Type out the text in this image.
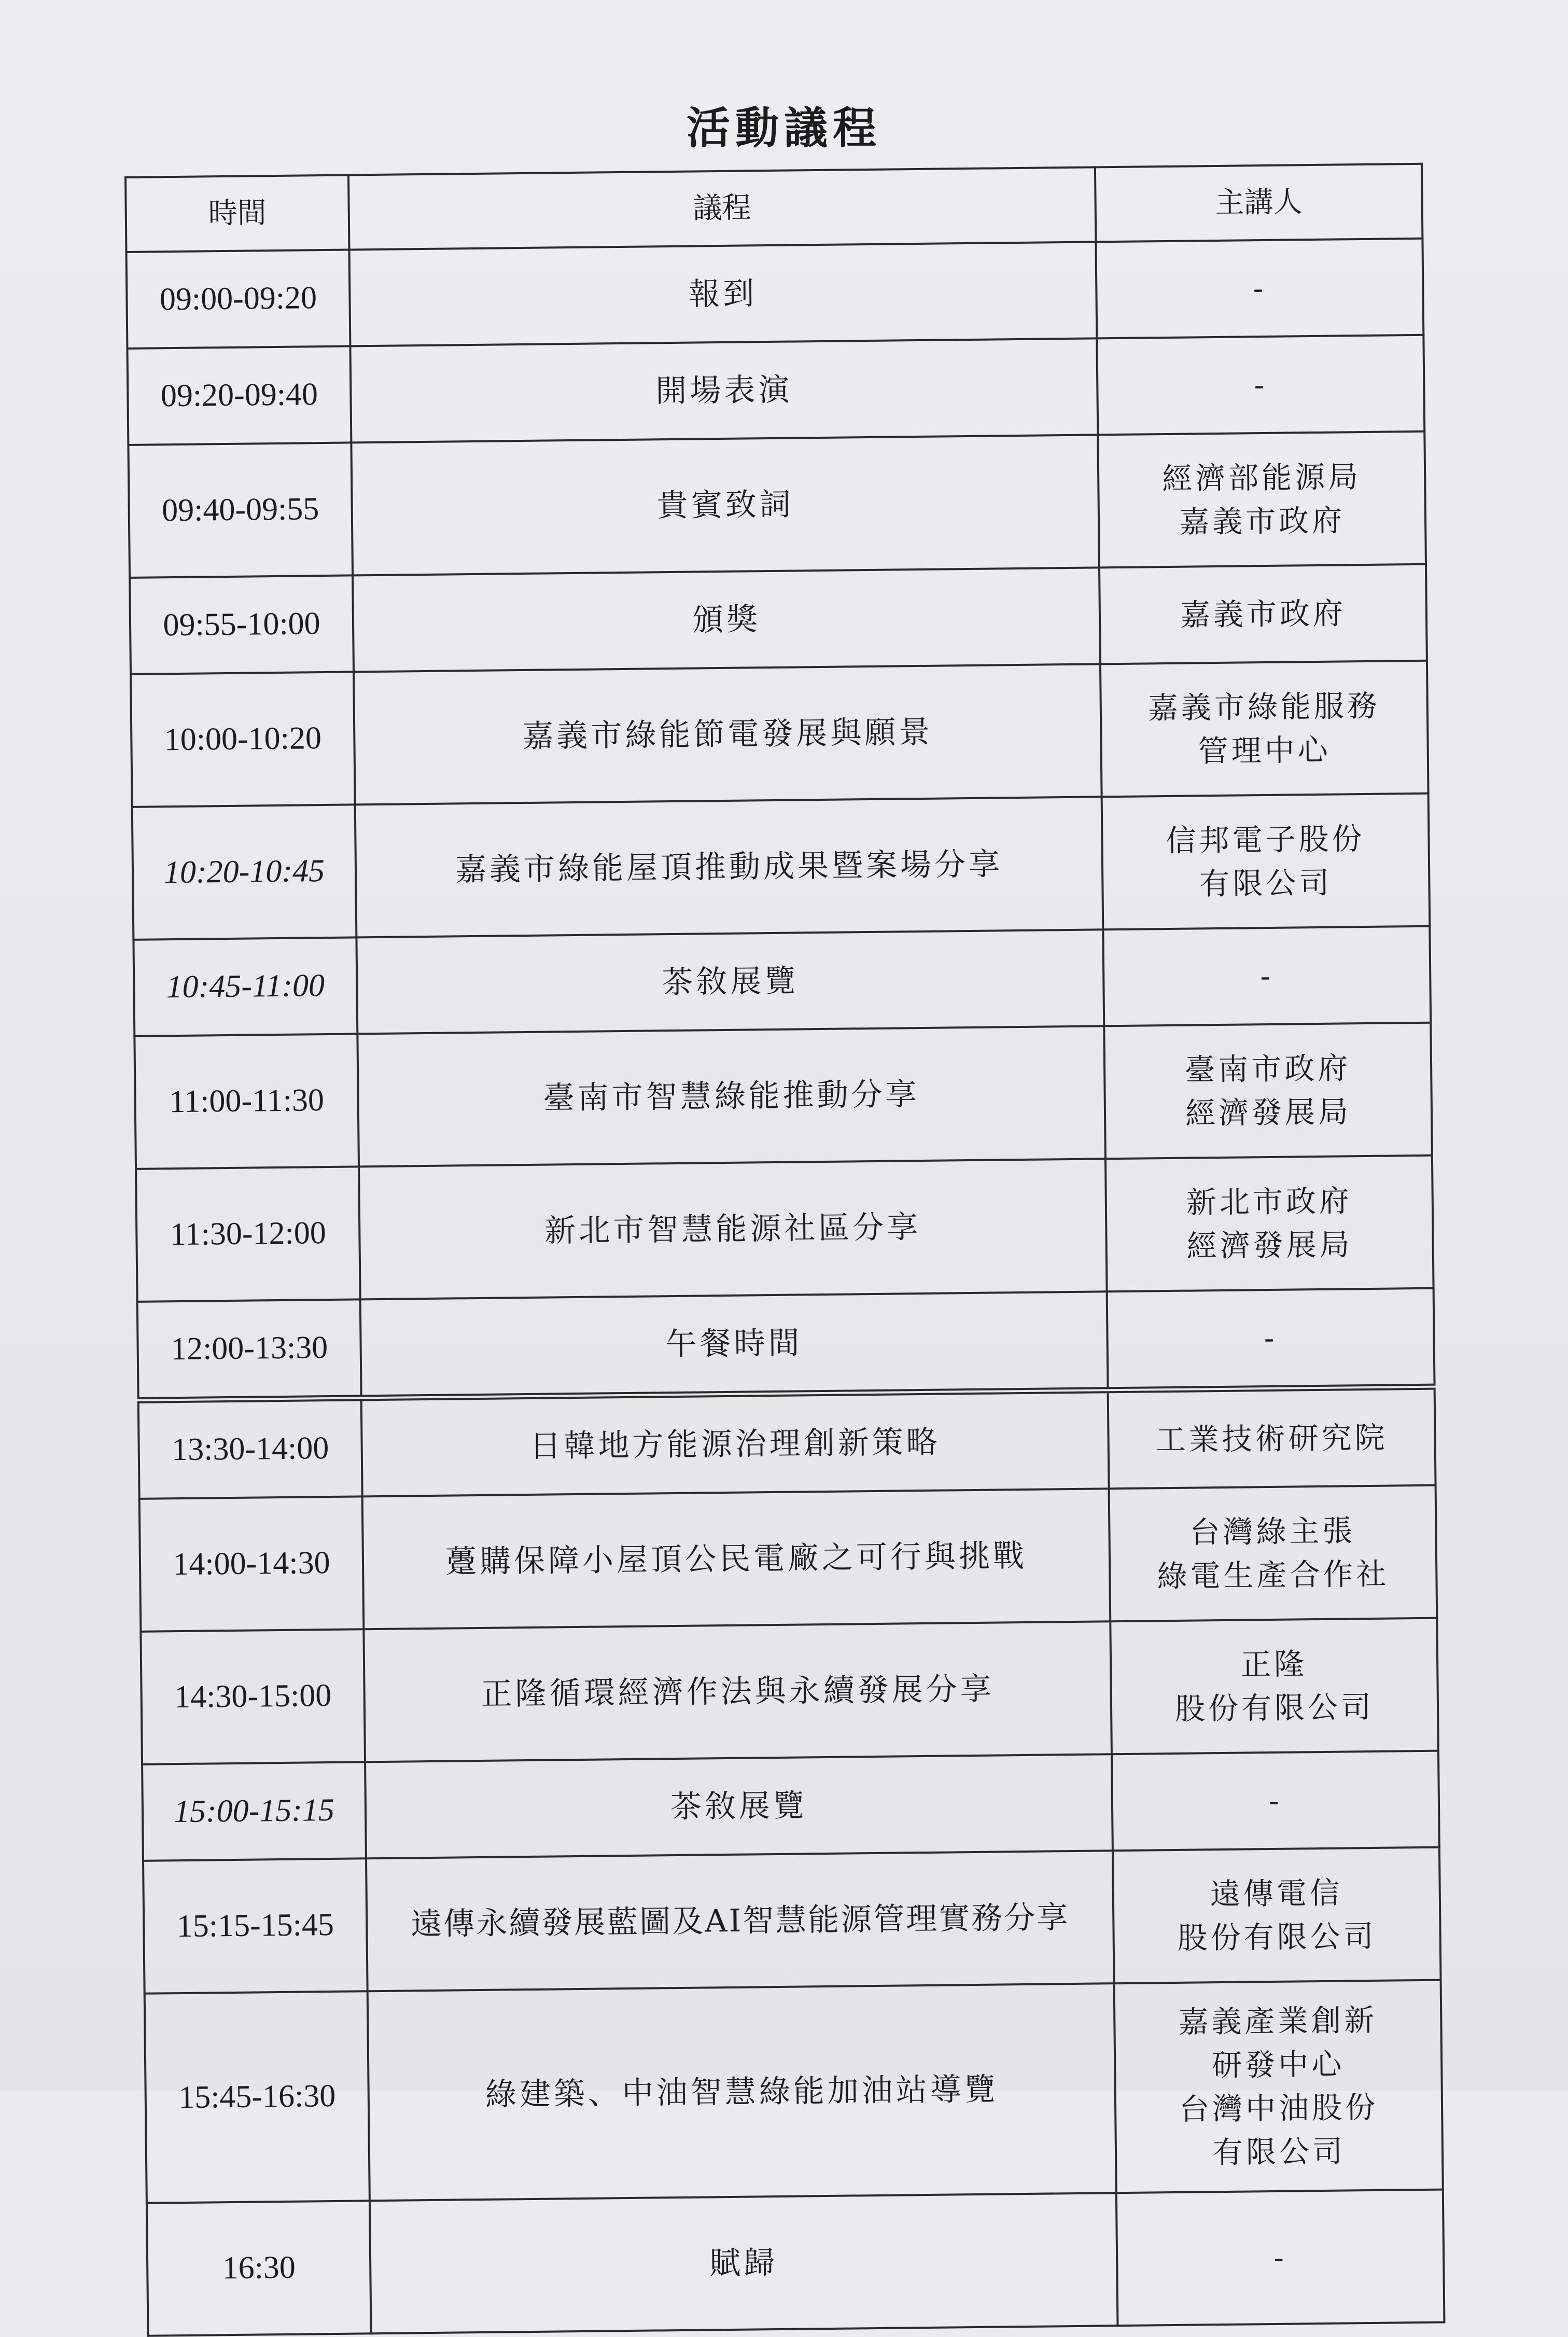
活動議程
時間	議程	主講人
09:00-09:20	報到	-

09:20-09:40	開場表演	-

09:40-09:55	貴賓致詞	經濟部能源局
嘉義市政府

09:55-10:00	頒獎	嘉義市政府

10:00-10:20	嘉義市綠能節電發展與願景	嘉義市綠能服務
管理中心

10:20-10:45	嘉義市綠能屋頂推動成果暨案場分享	信邦電子股份
有限公司

10:45-11:00	茶敘展覽	-

11:00-11:30	臺南市智慧綠能推動分享	臺南市政府
經濟發展局

11:30-12:00	新北市智慧能源社區分享	新北市政府
經濟發展局

12:00-13:30	午餐時間	-

13:30-14:00	日韓地方能源治理創新策略	工業技術研究院

14:00-14:30	躉購保障小屋頂公民電廠之可行與挑戰	台灣綠主張
綠電生產合作社

14:30-15:00	正隆循環經濟作法與永續發展分享	正隆
股份有限公司

15:00-15:15	茶敘展覽	-

15:15-15:45	遠傳永續發展藍圖及AI智慧能源管理實務分享	遠傳電信
股份有限公司

15:45-16:30	綠建築、中油智慧綠能加油站導覽	嘉義產業創新
研發中心
台灣中油股份
有限公司

16:30	賦歸	-
